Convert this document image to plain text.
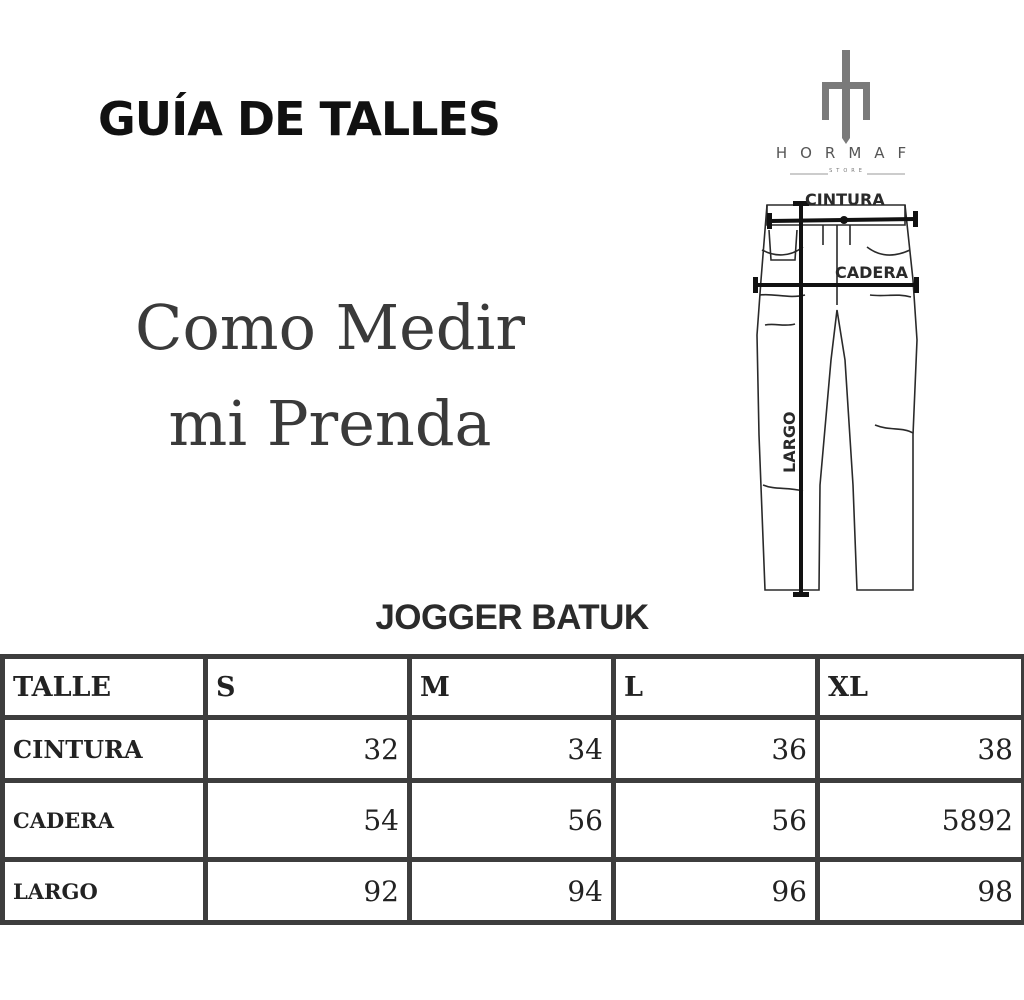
GUÍA DE TALLES
Como Medir
mi Prenda
HORMAF
STORE
CINTURA
CADERA
LARGO
JOGGER BATUK
TALLE	S	M	L	XL
CINTURA	32	34	36	38
CADERA	54	56	56	5892
LARGO	92	94	96	98
